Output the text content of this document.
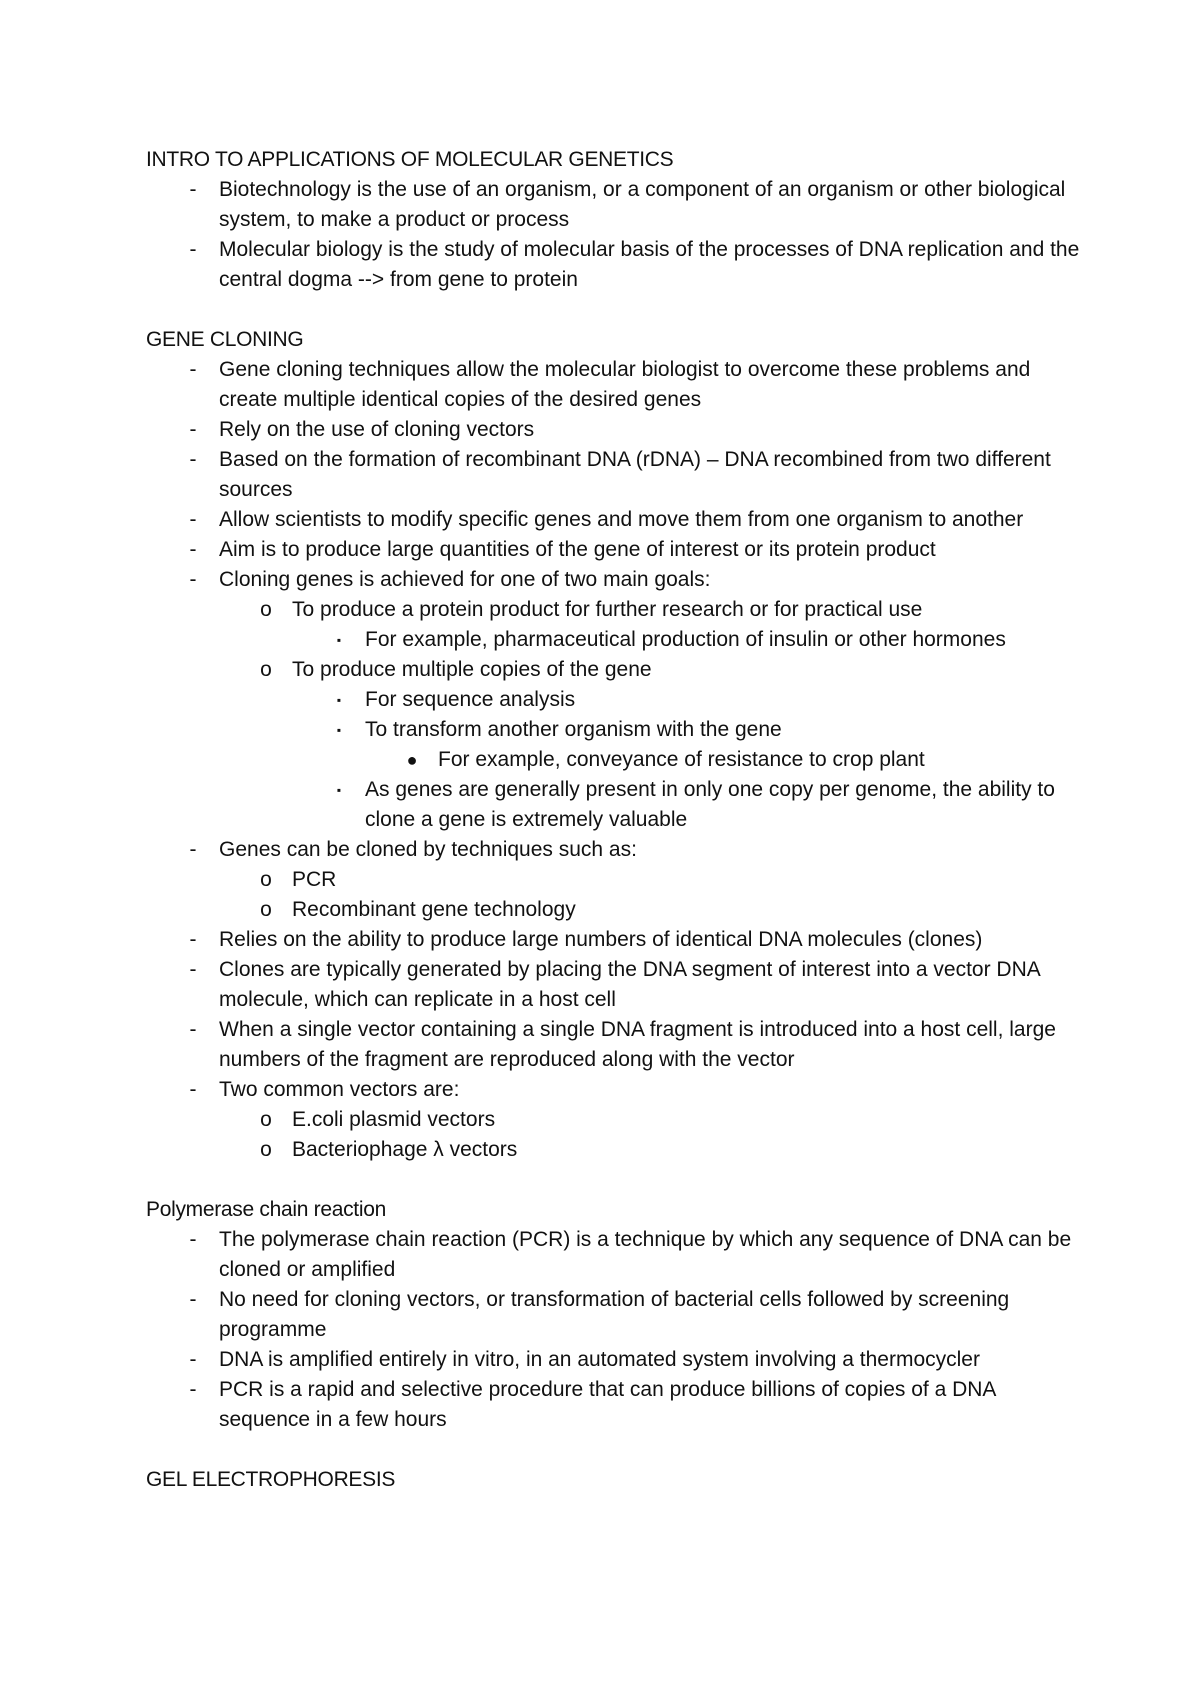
INTRO TO APPLICATIONS OF MOLECULAR GENETICS
-	Biotechnology is the use of an organism, or a component of an organism or other biological system, to make a product or process
-	Molecular biology is the study of molecular basis of the processes of DNA replication and the central dogma --> from gene to protein
GENE CLONING
-	Gene cloning techniques allow the molecular biologist to overcome these problems and create multiple identical copies of the desired genes
-	Rely on the use of cloning vectors
-	Based on the formation of recombinant DNA (rDNA) – DNA recombined from two different sources
-	Allow scientists to modify specific genes and move them from one organism to another
-	Aim is to produce large quantities of the gene of interest or its protein product
-	Cloning genes is achieved for one of two main goals:
o To produce a protein product for further research or for practical use
▪	For example, pharmaceutical production of insulin or other hormones
o To produce multiple copies of the gene
▪	For sequence analysis
▪	To transform another organism with the gene
● For example, conveyance of resistance to crop plant
▪	As genes are generally present in only one copy per genome, the ability to clone a gene is extremely valuable
-	Genes can be cloned by techniques such as:
o PCR
o Recombinant gene technology
-	Relies on the ability to produce large numbers of identical DNA molecules (clones)
-	Clones are typically generated by placing the DNA segment of interest into a vector DNA molecule, which can replicate in a host cell
-	When a single vector containing a single DNA fragment is introduced into a host cell, large numbers of the fragment are reproduced along with the vector
-	Two common vectors are:
o E.coli plasmid vectors
o Bacteriophage λ vectors
Polymerase chain reaction
-	The polymerase chain reaction (PCR) is a technique by which any sequence of DNA can be cloned or amplified
-	No need for cloning vectors, or transformation of bacterial cells followed by screening programme
-	DNA is amplified entirely in vitro, in an automated system involving a thermocycler
-	PCR is a rapid and selective procedure that can produce billions of copies of a DNA sequence in a few hours
GEL ELECTROPHORESIS
